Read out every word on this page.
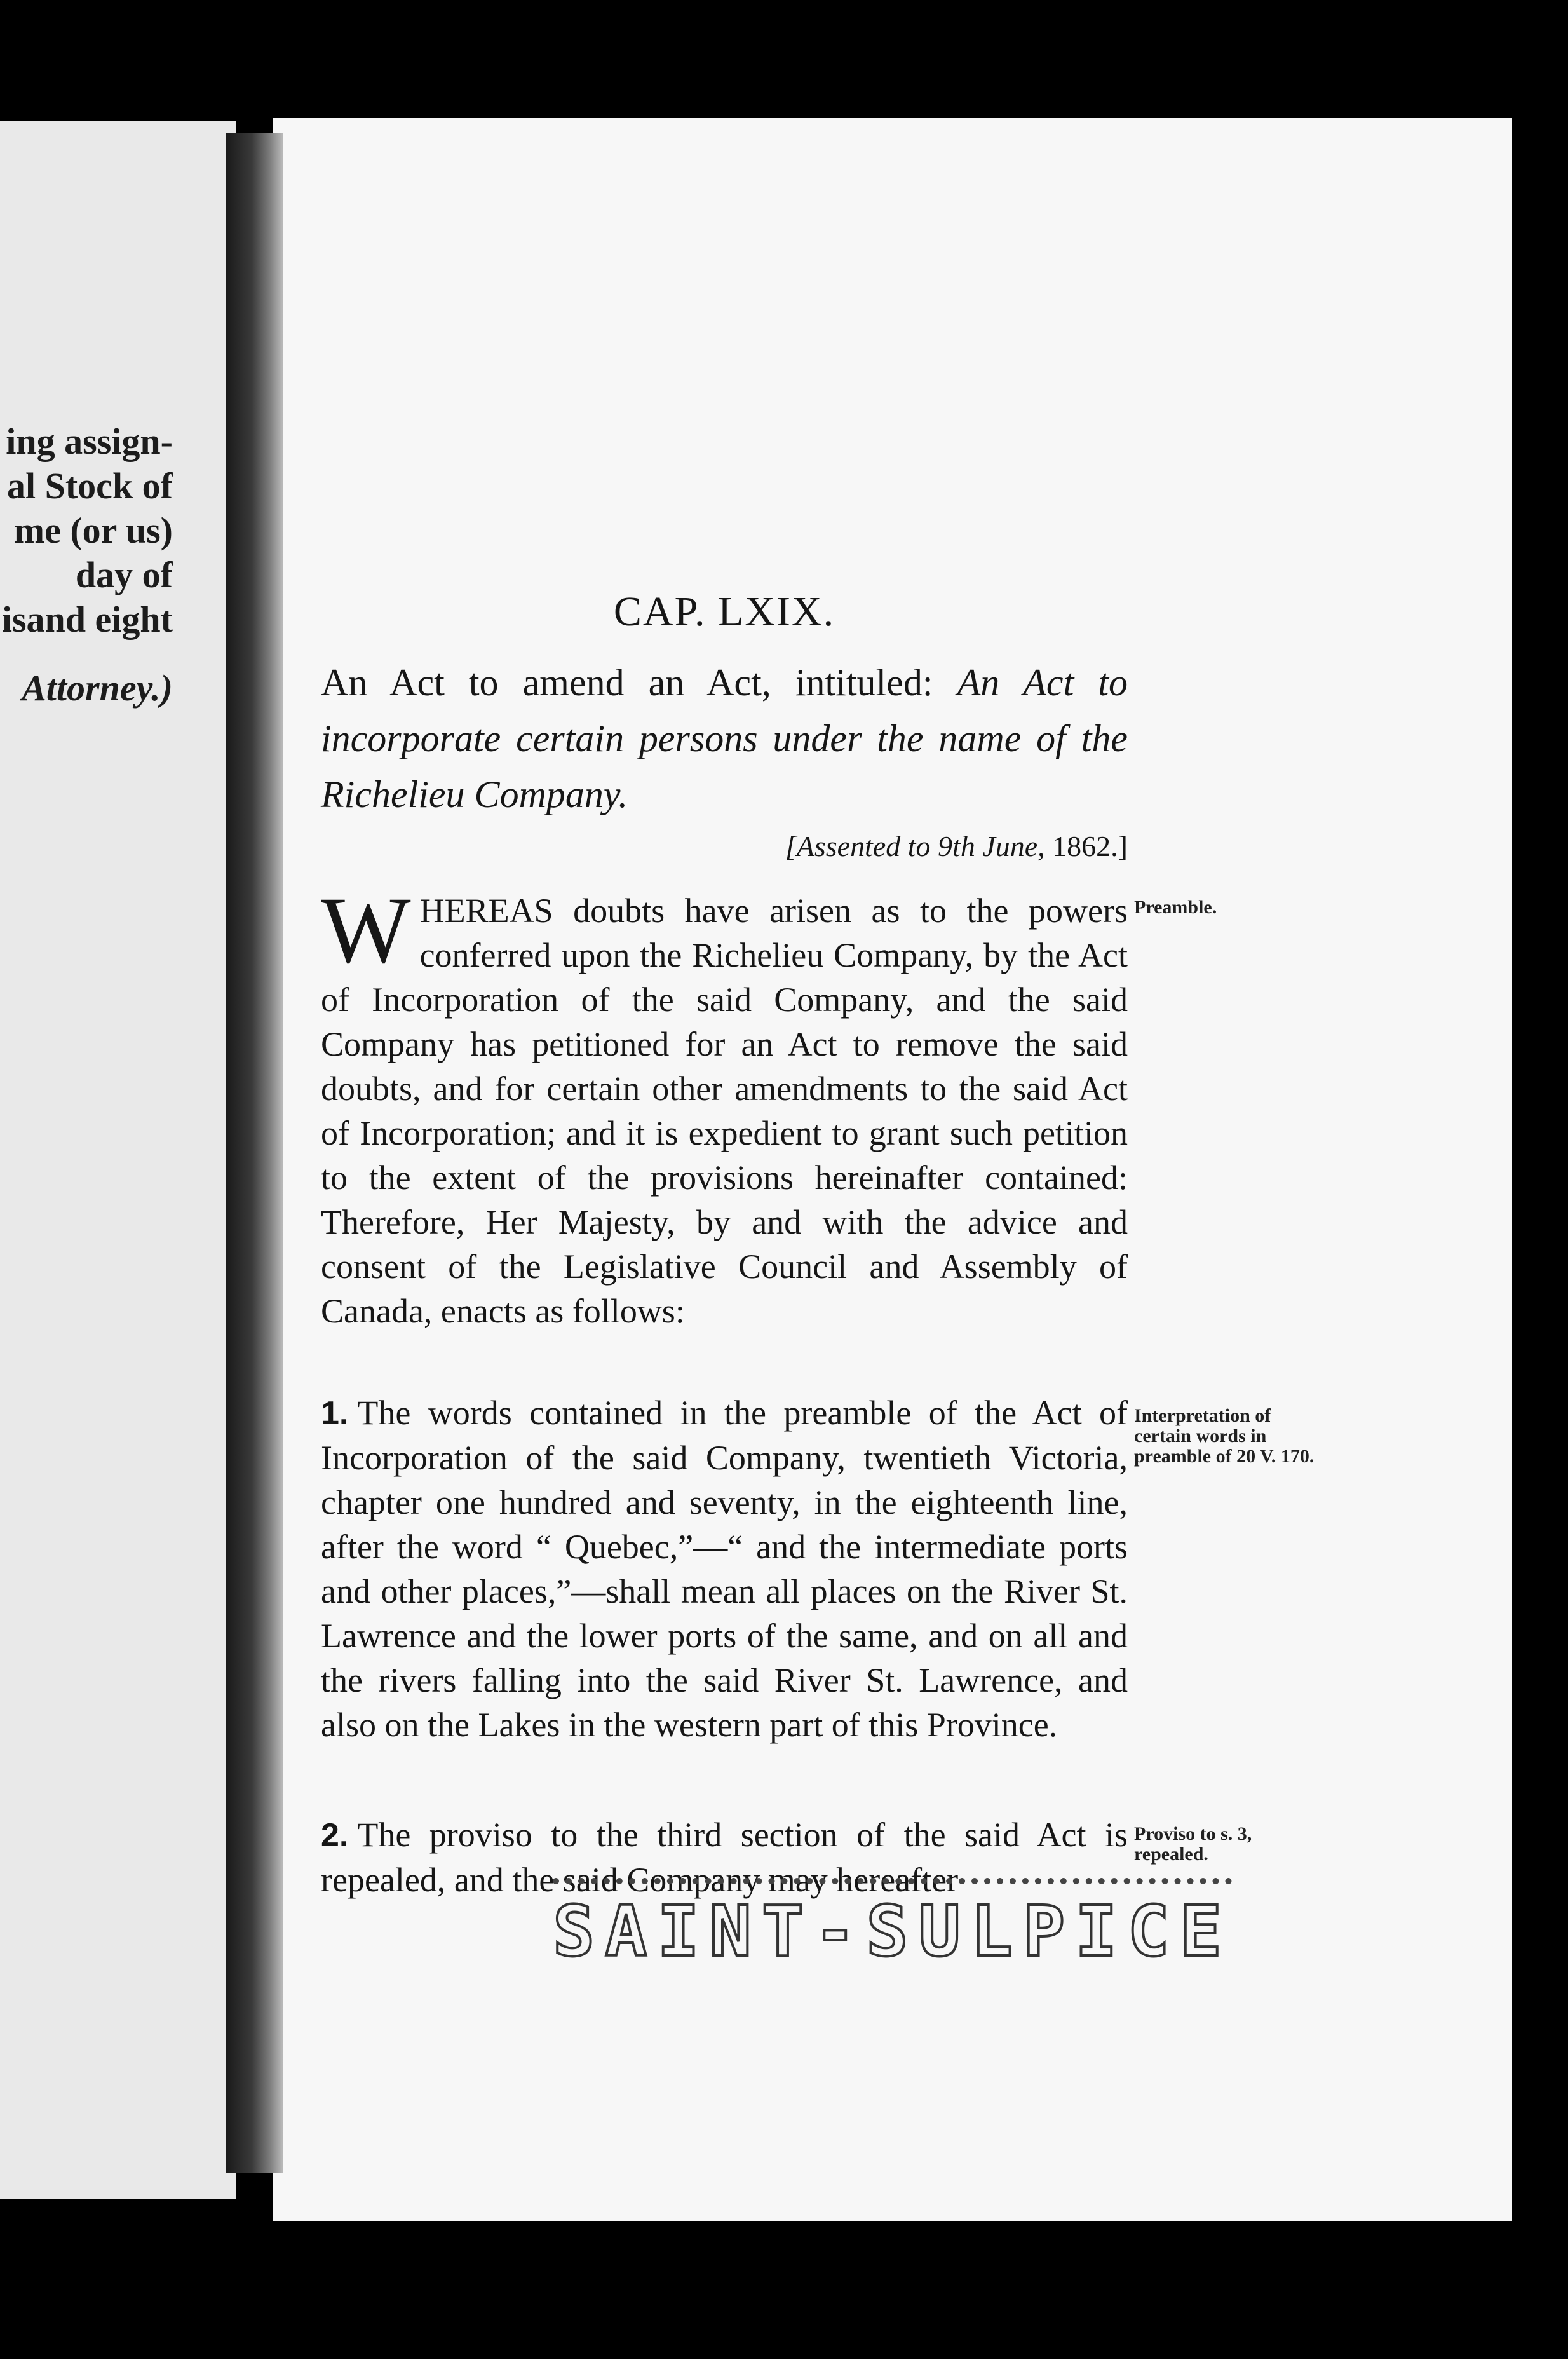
ing assign-
al Stock of
me (or us)
day of
isand eight
Attorney.)
CAP. LXIX.
An Act to amend an Act, intituled: An Act to incorporate certain persons under the name of the Richelieu Company.
[Assented to 9th June, 1862.]
W HEREAS doubts have arisen as to the powers conferred upon the Richelieu Company, by the Act of Incorporation of the said Company, and the said Company has petitioned for an Act to remove the said doubts, and for certain other amendments to the said Act of Incorporation; and it is expedient to grant such petition to the extent of the provisions hereinafter contained: Therefore, Her Majesty, by and with the advice and consent of the Legislative Council and Assembly of Canada, enacts as follows:
Preamble.
1. The words contained in the preamble of the Act of Incorporation of the said Company, twentieth Victoria, chapter one hundred and seventy, in the eighteenth line, after the word “ Quebec,”—“ and the intermediate ports and other places,”—shall mean all places on the River St. Lawrence and the lower ports of the same, and on all and the rivers falling into the said River St. Lawrence, and also on the Lakes in the western part of this Province.
Interpretation of certain words in preamble of 20 V. 170.
2. The proviso to the third section of the said Act is repealed, and the said Company may hereafter
Proviso to s. 3, repealed.
SAINT-SULPICE
